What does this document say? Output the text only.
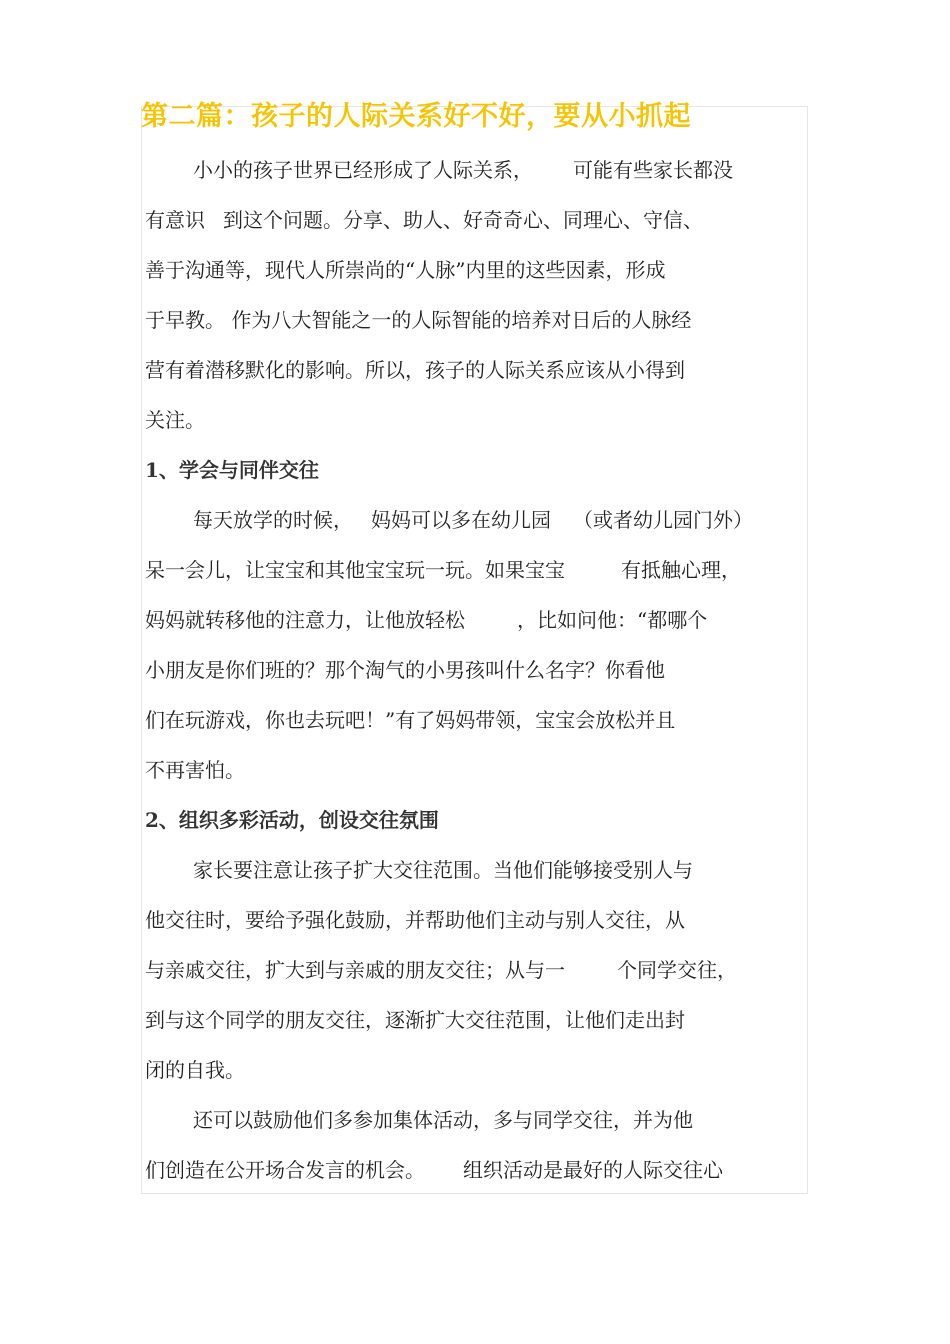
第二篇：孩子的人际关系好不好，要从小抓起
小小的孩子世界已经形成了人际关系， 可能有些家长都没
有意识 到这个问题。分享、助人、好奇奇心、同理心、守信、
善于沟通等，现代人所崇尚的“人脉”内里的这些因素，形成
于早教。 作为八大智能之一的人际智能的培养对日后的人脉经
营有着潜移默化的影响。所以，孩子的人际关系应该从小得到
关注。
1、学会与同伴交往
每天放学的时候， 妈妈可以多在幼儿园 （或者幼儿园门外）
呆一会儿，让宝宝和其他宝宝玩一玩。如果宝宝	有抵触心理，
妈妈就转移他的注意力，让他放轻松	，比如问他：“都哪个
小朋友是你们班的？那个淘气的小男孩叫什么名字？你看他
们在玩游戏，你也去玩吧！”有了妈妈带领，宝宝会放松并且
不再害怕。
2、组织多彩活动，创设交往氛围
家长要注意让孩子扩大交往范围。当他们能够接受别人与
他交往时，要给予强化鼓励，并帮助他们主动与别人交往，从
与亲戚交往，扩大到与亲戚的朋友交往；从与一	个同学交往，
到与这个同学的朋友交往，逐渐扩大交往范围，让他们走出封
闭的自我。
还可以鼓励他们多参加集体活动，多与同学交往，并为他
们创造在公开场合发言的机会。 组织活动是最好的人际交往心
